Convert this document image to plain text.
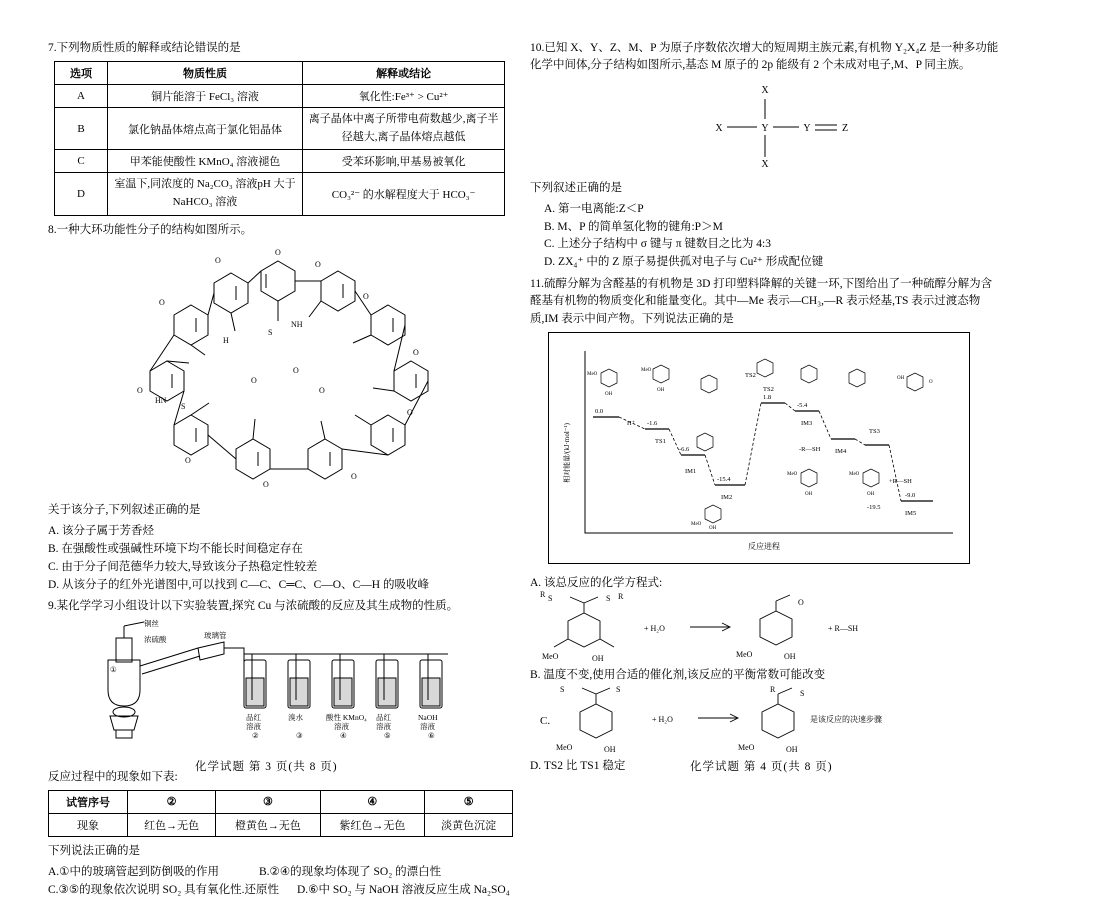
7.下列物质性质的解释或结论错误的是
选项	物质性质	解释或结论
A	铜片能溶于 FeCl₃ 溶液	氧化性:Fe³⁺ > Cu²⁺
B	氯化钠晶体熔点高于氯化铝晶体	离子晶体中离子所带电荷数越少,离子半径越大,离子晶体熔点越低
C	甲苯能使酸性 KMnO₄ 溶液褪色	受苯环影响,甲基易被氧化
D	室温下,同浓度的 Na₂CO₃ 溶液pH 大于 NaHCO₃ 溶液	CO₃²⁻ 的水解程度大于 HCO₃⁻
8.一种大环功能性分子的结构如图所示。
O
O
O
O
O
O
O
O
O
O
O
S
NH
S
HN
H
O
O
O
关于该分子,下列叙述正确的是
A. 该分子属于芳香烃
B. 在强酸性或强碱性环境下均不能长时间稳定存在
C. 由于分子间范德华力较大,导致该分子热稳定性较差
D. 从该分子的红外光谱图中,可以找到 C—C、C═C、C—O、C—H 的吸收峰
9.某化学学习小组设计以下实验装置,探究 Cu 与浓硫酸的反应及其生成物的性质。
铜丝
浓硫酸	玻璃管
①
品红
溶液
②
溴水
③
酸性 KMnO₄
溶液
④
品红
溶液
⑤
NaOH
溶液
⑥
反应过程中的现象如下表:
试管序号	②	③	④	⑤
现象	红色→无色	橙黄色→无色	紫红色→无色	淡黄色沉淀
下列说法正确的是
A.①中的玻璃管起到防倒吸的作用	B.②④的现象均体现了 SO₂ 的漂白性
C.③⑤的现象依次说明 SO₂ 具有氧化性.还原性 D.⑥中 SO₂ 与 NaOH 溶液反应生成 Na₂SO₄
10.已知 X、Y、Z、M、P 为原子序数依次增大的短周期主族元素,有机物 Y₂X₄Z 是一种多功能化学中间体,分子结构如图所示,基态 M 原子的 2p 能级有 2 个未成对电子,M、P 同主族。
X
X
X	Y	Y	Z
下列叙述正确的是
A. 第一电离能:Z＜P
B. M、P 的简单氢化物的键角:P＞M
C. 上述分子结构中 σ 键与 π 键数目之比为 4:3
D. ZX₄⁺ 中的 Z 原子易提供孤对电子与 Cu²⁺ 形成配位键
11.硫醇分解为含醛基的有机物是 3D 打印塑料降解的关键一环,下图给出了一种硫醇分解为含醛基有机物的物质变化和能量变化。其中—Me 表示—CH₃,—R 表示烃基,TS 表示过渡态物质,IM 表示中间产物。下列说法正确的是
相对能量/(kJ·mol⁻¹)
反应进程
0.0
-1.6
-6.6
-15.4
1.8
-5.4
-9.0
-19.5
TS1
IM1
IM2
TS2
IM3
IM4
TS3
IM5
TS2
H⁺
-R—SH
+R—SH
MeO
OH
MeO
OH
MeO
OH
MeO
OH
MeO
OH
OH
O
A. 该总反应的化学方程式:
S	S
R	R
MeO	OH
+ H₂O
MeO	OH
O
+ R—SH
B. 温度不变,使用合适的催化剂,该反应的平衡常数可能改变
C.
S	S
MeO	OH
+ H₂O
MeO	OH
R	S
是该反应的决速步骤
D. TS2 比 TS1 稳定
化学试题 第 3 页(共 8 页)	化学试题 第 4 页(共 8 页)
